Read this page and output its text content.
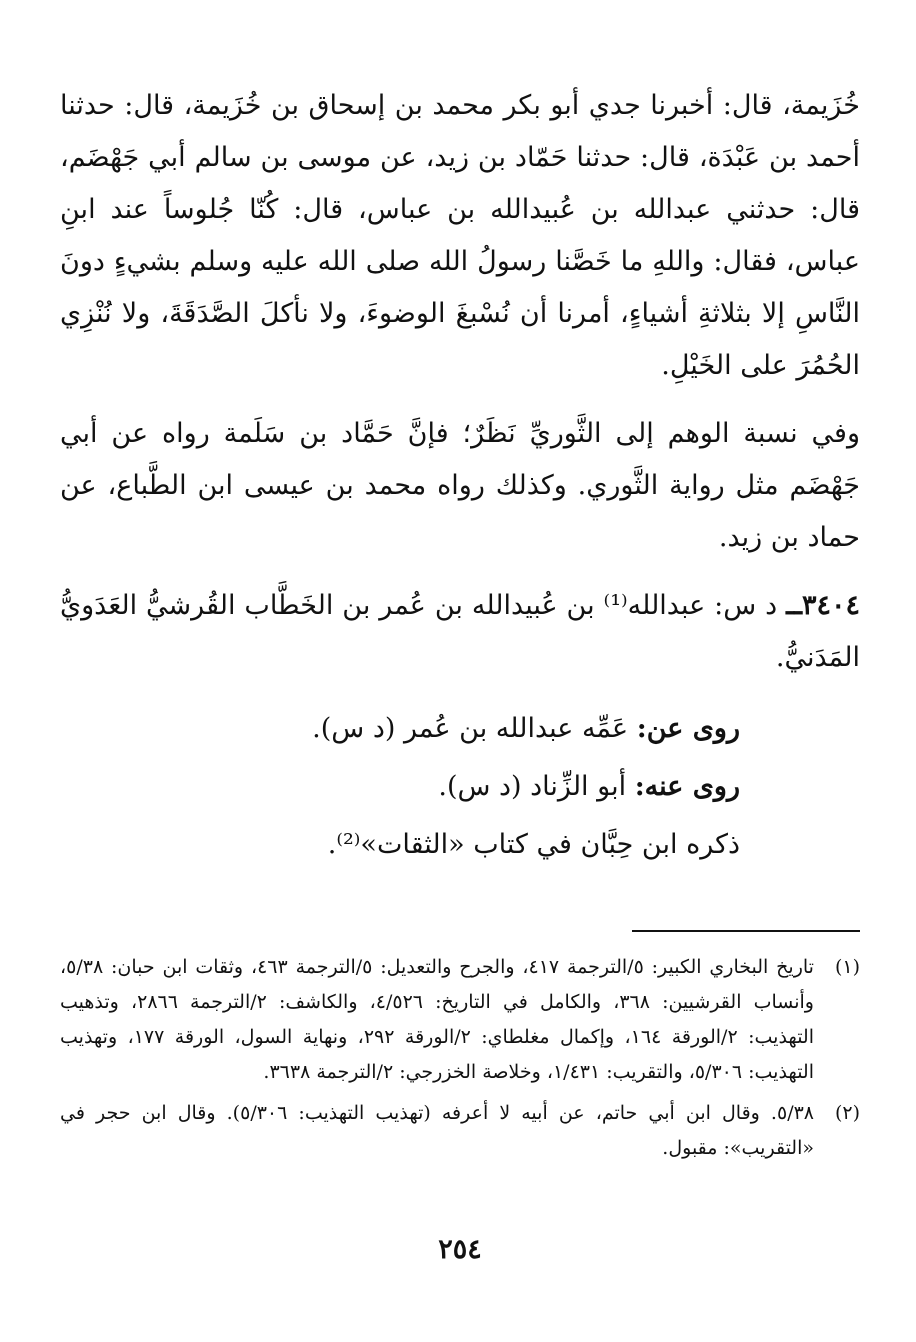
خُزَيمة، قال: أخبرنا جدي أبو بكر محمد بن إسحاق بن خُزَيمة، قال: حدثنا أحمد بن عَبْدَة، قال: حدثنا حَمّاد بن زيد، عن موسى بن سالم أبي جَهْضَم، قال: حدثني عبدالله بن عُبيدالله بن عباس، قال: كُنّا جُلوساً عند ابنِ عباس، فقال: واللهِ ما خَصَّنا رسولُ الله صلى الله عليه وسلم بشيءٍ دونَ النَّاسِ إلا بثلاثةِ أشياءٍ، أمرنا أن نُسْبغَ الوضوءَ، ولا نأكلَ الصَّدَقَةَ، ولا نُنْزِي الحُمُرَ على الخَيْلِ.

وفي نسبة الوهم إلى الثَّوريِّ نَظَرٌ؛ فإنَّ حَمَّاد بن سَلَمة رواه عن أبي جَهْضَم مثل رواية الثَّوري. وكذلك رواه محمد بن عيسى ابن الطَّباع، عن حماد بن زيد.

٣٤٠٤ــ د س: عبدالله⁽¹⁾ بن عُبيدالله بن عُمر بن الخَطَّاب القُرشيُّ العَدَويُّ المَدَنيُّ.

روى عن: عَمِّه عبدالله بن عُمر (د س).

روى عنه: أبو الزِّناد (د س).

ذكره ابن حِبَّان في كتاب «الثقات»⁽²⁾.

(١)
تاريخ البخاري الكبير: ٥/الترجمة ٤١٧، والجرح والتعديل: ٥/الترجمة ٤٦٣، وثقات ابن حبان: ٥/٣٨، وأنساب القرشيين: ٣٦٨، والكامل في التاريخ: ٤/٥٢٦، والكاشف: ٢/الترجمة ٢٨٦٦، وتذهيب التهذيب: ٢/الورقة ١٦٤، وإكمال مغلطاي: ٢/الورقة ٢٩٢، ونهاية السول، الورقة ١٧٧، وتهذيب التهذيب: ٥/٣٠٦، والتقريب: ١/٤٣١، وخلاصة الخزرجي: ٢/الترجمة ٣٦٣٨.

(٢)
٥/٣٨. وقال ابن أبي حاتم، عن أبيه لا أعرفه (تهذيب التهذيب: ٥/٣٠٦). وقال ابن حجر في «التقريب»: مقبول.

٢٥٤
